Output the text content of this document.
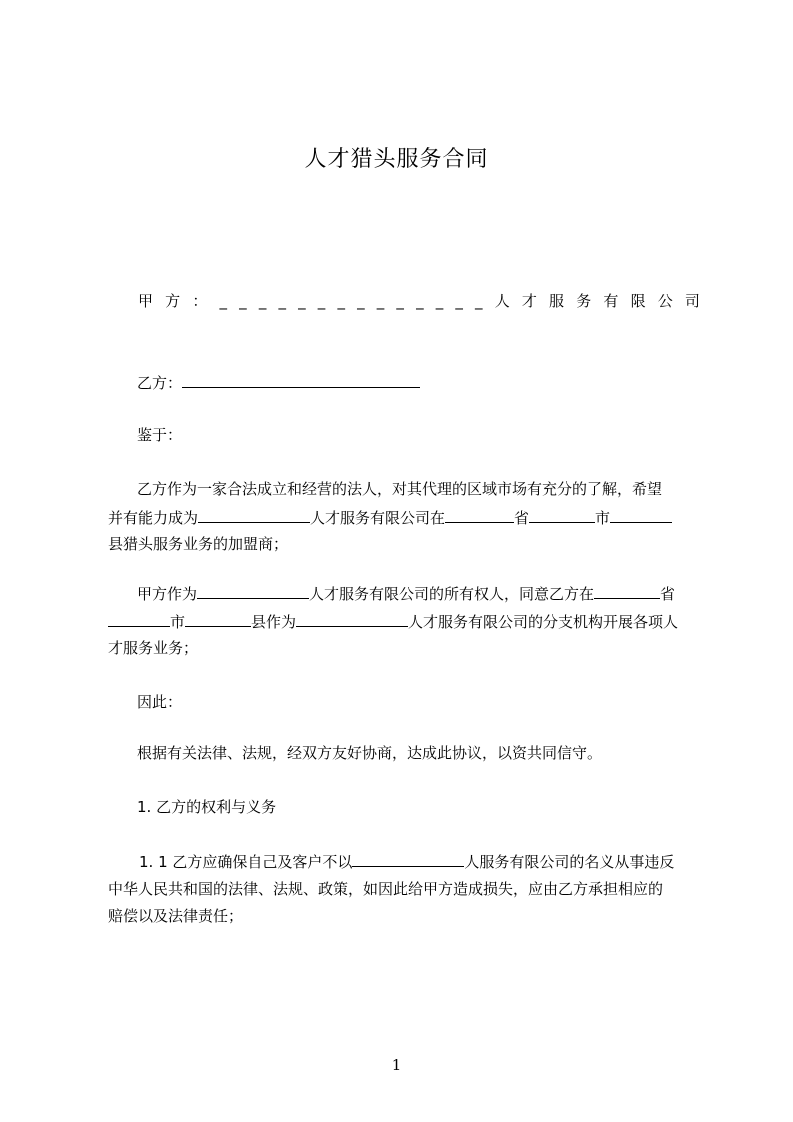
人才猎头服务合同
甲 方 ： _ _ _ _ _ _ _ _ _ _ _ _ _ _ 人 才 服 务 有 限 公 司
乙方：
鉴于：
乙方作为一家合法成立和经营的法人，对其代理的区域市场有充分的了解，希望
并有能力成为	人才服务有限公司在	省	市
县猎头服务业务的加盟商；
甲方作为	人才服务有限公司的所有权人，同意乙方在	省
市	县作为	人才服务有限公司的分支机构开展各项人
才服务业务；
因此：
根据有关法律、法规，经双方友好协商，达成此协议，以资共同信守。
1. 乙方的权利与义务
1. 1 乙方应确保自己及客户不以	人服务有限公司的名义从事违反
中华人民共和国的法律、法规、政策，如因此给甲方造成损失，应由乙方承担相应的
赔偿以及法律责任；
1
